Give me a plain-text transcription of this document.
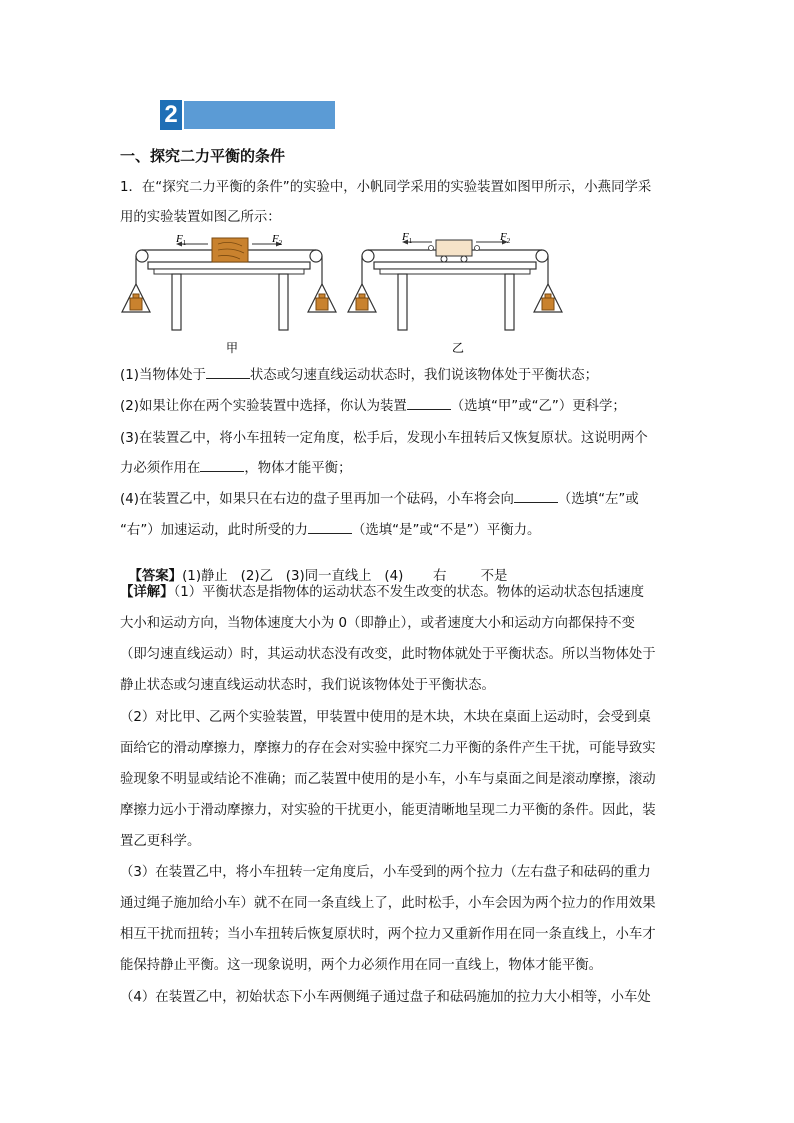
2
一、探究二力平衡的条件
1．在“探究二力平衡的条件”的实验中，小帆同学采用的实验装置如图甲所示，小燕同学采
用的实验装置如图乙所示：
$F_1$	$F_2$	$F_1$	$F_2$
甲	乙
(1)当物体处于	状态或匀速直线运动状态时，我们说该物体处于平衡状态；
(2)如果让你在两个实验装置中选择，你认为装置	（选填“甲”或“乙”）更科学；
(3)在装置乙中，将小车扭转一定角度，松手后，发现小车扭转后又恢复原状。这说明两个
力必须作用在	，物体才能平衡；
(4)在装置乙中，如果只在右边的盘子里再加一个砝码，小车将会向	（选填“左”或
“右”）加速运动，此时所受的力	（选填“是”或“不是”）平衡力。

【答案】(1)静止   (2)乙   (3)同一直线上   (4)       右        不是

【详解】（1）平衡状态是指物体的运动状态不发生改变的状态。物体的运动状态包括速度
大小和运动方向，当物体速度大小为 0（即静止），或者速度大小和运动方向都保持不变
（即匀速直线运动）时，其运动状态没有改变，此时物体就处于平衡状态。所以当物体处于
静止状态或匀速直线运动状态时，我们说该物体处于平衡状态。
（2）对比甲、乙两个实验装置，甲装置中使用的是木块，木块在桌面上运动时，会受到桌
面给它的滑动摩擦力，摩擦力的存在会对实验中探究二力平衡的条件产生干扰，可能导致实
验现象不明显或结论不准确；而乙装置中使用的是小车，小车与桌面之间是滚动摩擦，滚动
摩擦力远小于滑动摩擦力，对实验的干扰更小，能更清晰地呈现二力平衡的条件。因此，装
置乙更科学。
（3）在装置乙中，将小车扭转一定角度后，小车受到的两个拉力（左右盘子和砝码的重力
通过绳子施加给小车）就不在同一条直线上了，此时松手，小车会因为两个拉力的作用效果
相互干扰而扭转；当小车扭转后恢复原状时，两个拉力又重新作用在同一条直线上，小车才
能保持静止平衡。这一现象说明，两个力必须作用在同一直线上，物体才能平衡。
（4）在装置乙中，初始状态下小车两侧绳子通过盘子和砝码施加的拉力大小相等，小车处
